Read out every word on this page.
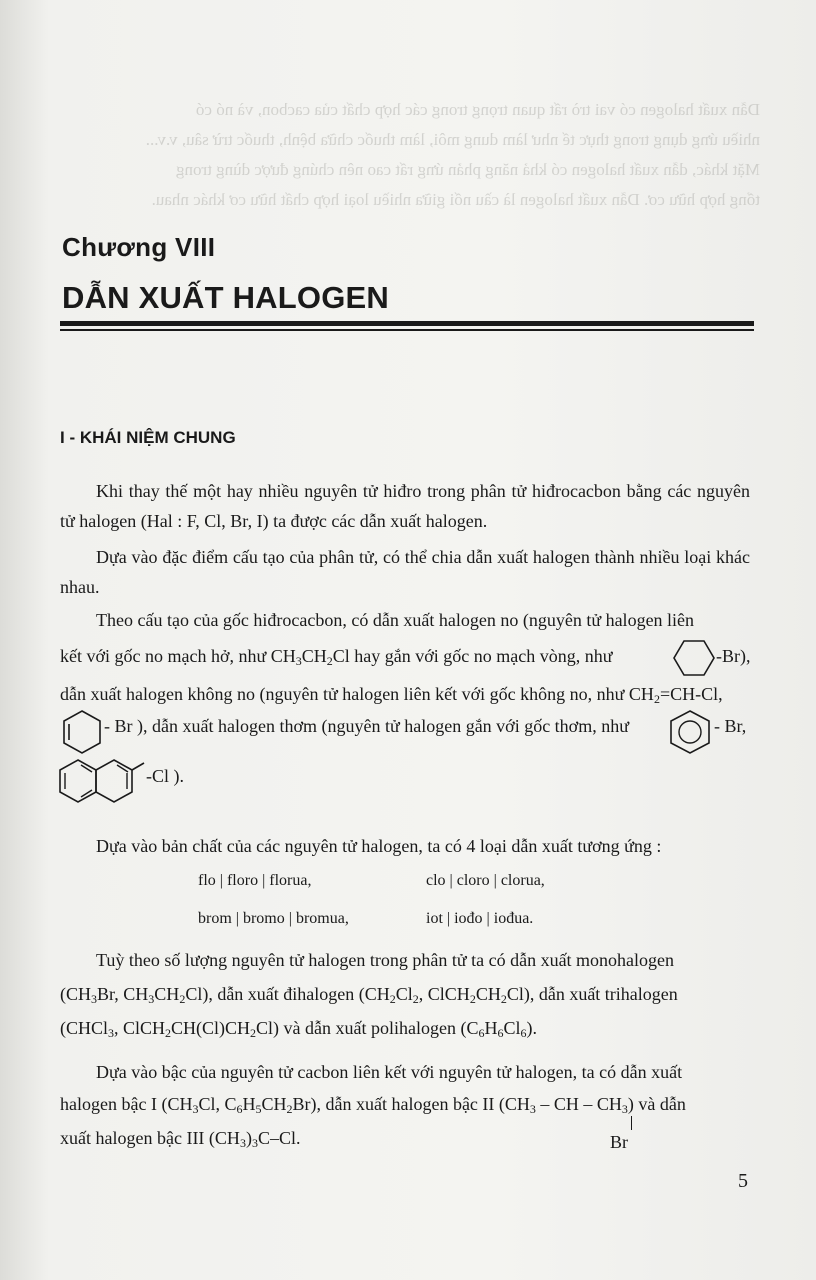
Dẫn xuất halogen có vai trò rất quan trọng trong các hợp chất của cacbon, và nó có
nhiều ứng dụng trong thực tế như làm dung môi, làm thuốc chữa bệnh, thuốc trừ sâu, v.v...
Mặt khác, dẫn xuất halogen có khả năng phản ứng rất cao nên chúng được dùng trong
tổng hợp hữu cơ. Dẫn xuất halogen là cầu nối giữa nhiều loại hợp chất hữu cơ khác nhau.
Chương VIII
DẪN XUẤT HALOGEN
I - KHÁI NIỆM CHUNG
Khi thay thế một hay nhiều nguyên tử hiđro trong phân tử hiđrocacbon bằng các nguyên tử halogen (Hal : F, Cl, Br, I) ta được các dẫn xuất halogen.
Dựa vào đặc điểm cấu tạo của phân tử, có thể chia dẫn xuất halogen thành nhiều loại khác nhau.
Theo cấu tạo của gốc hiđrocacbon, có dẫn xuất halogen no (nguyên tử halogen liên
kết với gốc no mạch hở, như $CH_3CH_2Cl$ hay gắn với gốc no mạch vòng, như	-Br),
dẫn xuất halogen không no (nguyên tử halogen liên kết với gốc không no, như $CH_2=CH-Cl$,
- Br ), dẫn xuất halogen thơm (nguyên tử halogen gắn với gốc thơm, như	- Br,
-Cl ).
Dựa vào bản chất của các nguyên tử halogen, ta có 4 loại dẫn xuất tương ứng :
flo | floro | florua,	clo | cloro | clorua,
brom | bromo | bromua,	iot | iođo | iođua.
Tuỳ theo số lượng nguyên tử halogen trong phân tử ta có dẫn xuất monohalogen
($CH_3Br$, $CH_3CH_2Cl$), dẫn xuất đihalogen ($CH_2Cl_2$, $ClCH_2CH_2Cl$), dẫn xuất trihalogen
(CHCl$_3$, $ClCH_2CH(Cl)CH_2Cl$) và dẫn xuất polihalogen $(C_6H_6Cl_6)$.
Dựa vào bậc của nguyên tử cacbon liên kết với nguyên tử halogen, ta có dẫn xuất
halogen bậc I ($CH_3Cl$, $C_6H_5CH_2Br$), dẫn xuất halogen bậc II ($CH_3$ – CH – $CH_3$) và dẫn
xuất halogen bậc III $(CH_3)_3C-Cl$.	Br
5
